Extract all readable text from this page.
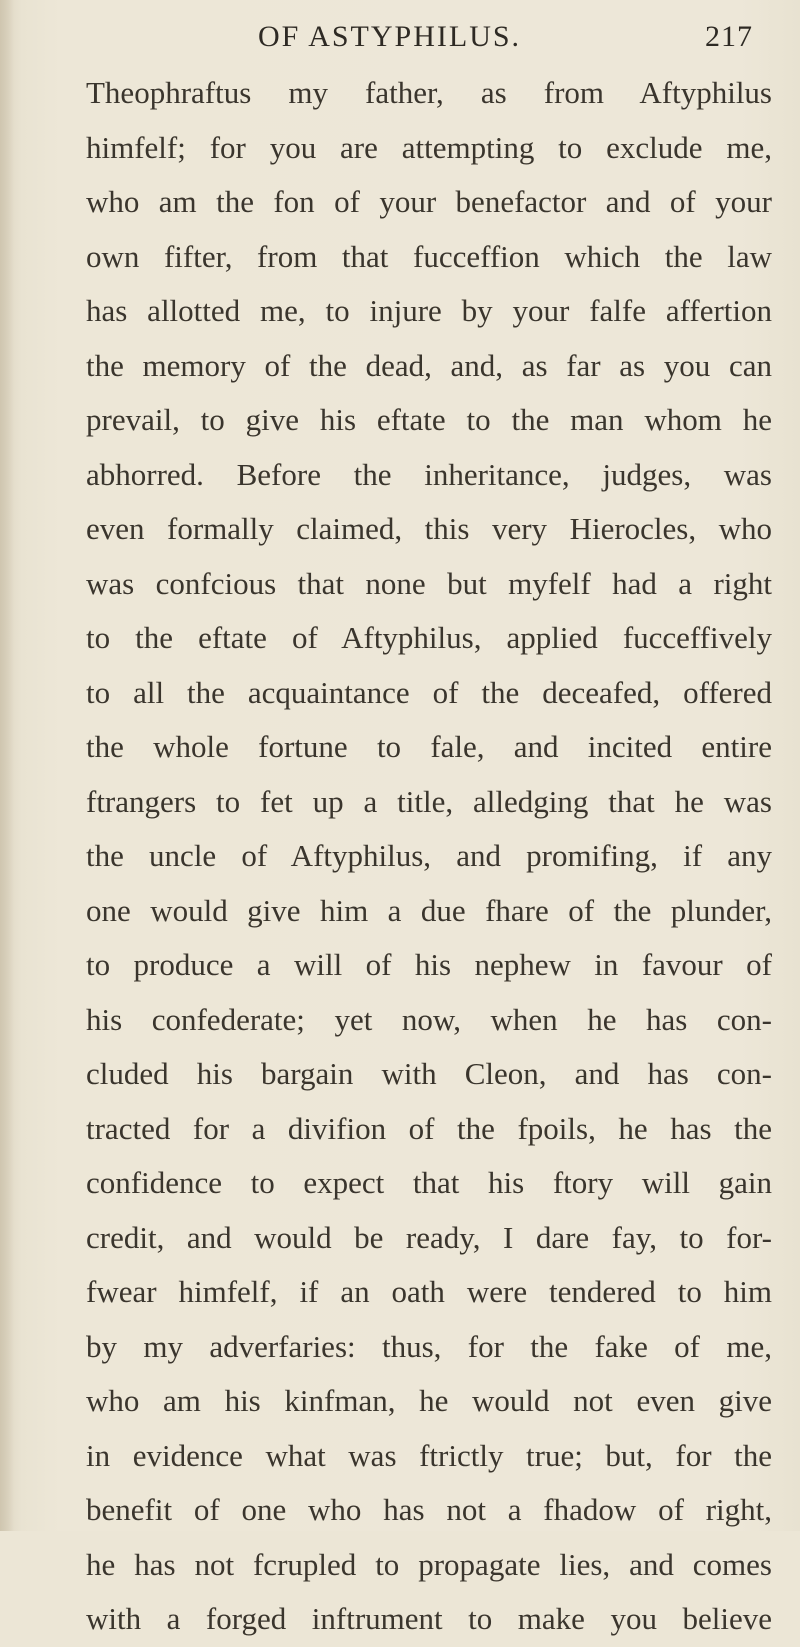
OF ASTYPHILUS.	217
Theophraftus my father, as from Aftyphilus
himfelf; for you are attempting to exclude me,
who am the fon of your benefactor and of your
own fifter, from that fucceffion which the law
has allotted me, to injure by your falfe affertion
the memory of the dead, and, as far as you can
prevail, to give his eftate to the man whom he
abhorred. Before the inheritance, judges, was
even formally claimed, this very Hierocles, who
was confcious that none but myfelf had a right
to the eftate of Aftyphilus, applied fucceffively
to all the acquaintance of the deceafed, offered
the whole fortune to fale, and incited entire
ftrangers to fet up a title, alledging that he was
the uncle of Aftyphilus, and promifing, if any
one would give him a due fhare of the plunder,
to produce a will of his nephew in favour of
his confederate; yet now, when he has con-
cluded his bargain with Cleon, and has con-
tracted for a divifion of the fpoils, he has the
confidence to expect that his ftory will gain
credit, and would be ready, I dare fay, to for-
fwear himfelf, if an oath were tendered to him
by my adverfaries: thus, for the fake of me,
who am his kinfman, he would not even give
in evidence what was ftrictly true; but, for the
benefit of one who has not a fhadow of right,
he has not fcrupled to propagate lies, and comes
with a forged inftrument to make you believe
